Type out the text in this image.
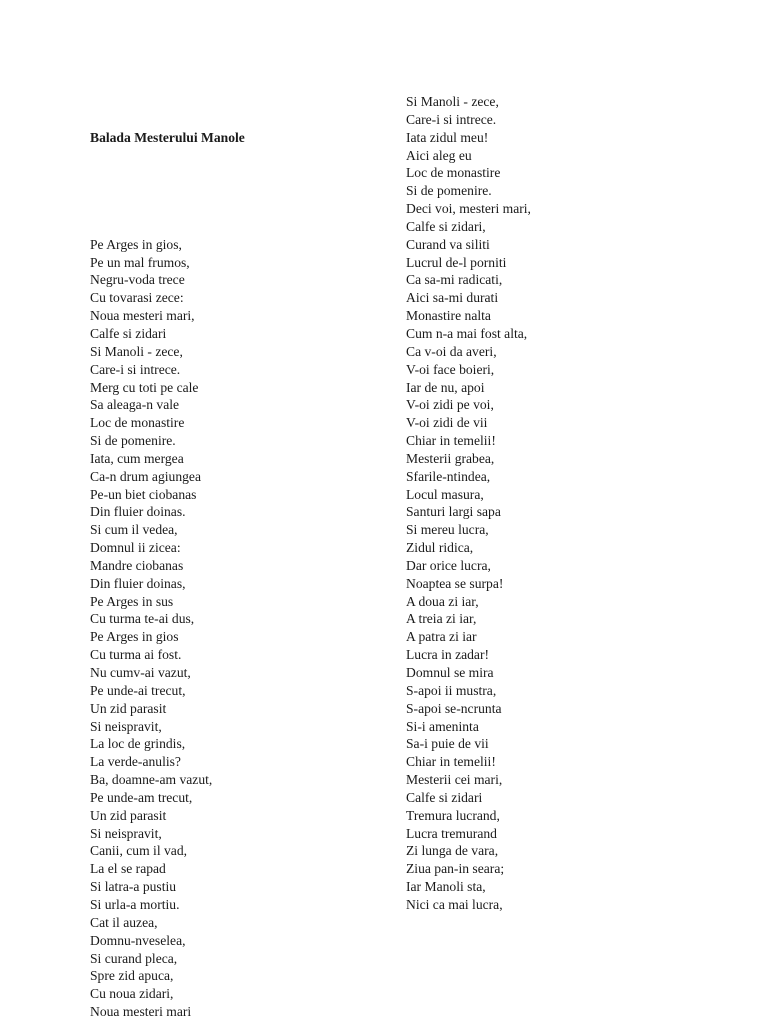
Balada Mesterului Manole

Pe Arges in gios,
Pe un mal frumos,
Negru-voda trece
Cu tovarasi zece:
Noua mesteri mari,
Calfe si zidari
Si Manoli - zece,
Care-i si intrece.
Merg cu toti pe cale
Sa aleaga-n vale
Loc de monastire
Si de pomenire.
Iata, cum mergea
Ca-n drum agiungea
Pe-un biet ciobanas
Din fluier doinas.
Si cum il vedea,
Domnul ii zicea:
Mandre ciobanas
Din fluier doinas,
Pe Arges in sus
Cu turma te-ai dus,
Pe Arges in gios
Cu turma ai fost.
Nu cumv-ai vazut,
Pe unde-ai trecut,
Un zid parasit
Si neispravit,
La loc de grindis,
La verde-anulis?
Ba, doamne-am vazut,
Pe unde-am trecut,
Un zid parasit
Si neispravit,
Canii, cum il vad,
La el se rapad
Si latra-a pustiu
Si urla-a mortiu.
Cat il auzea,
Domnu-nveselea,
Si curand pleca,
Spre zid apuca,
Cu noua zidari,
Noua mesteri mari
Si Manoli - zece,
Care-i si intrece.
Iata zidul meu!
Aici aleg eu
Loc de monastire
Si de pomenire.
Deci voi, mesteri mari,
Calfe si zidari,
Curand va siliti
Lucrul de-l porniti
Ca sa-mi radicati,
Aici sa-mi durati
Monastire nalta
Cum n-a mai fost alta,
Ca v-oi da averi,
V-oi face boieri,
Iar de nu, apoi
V-oi zidi pe voi,
V-oi zidi de vii
Chiar in temelii!
Mesterii grabea,
Sfarile-ntindea,
Locul masura,
Santuri largi sapa
Si mereu lucra,
Zidul ridica,
Dar orice lucra,
Noaptea se surpa!
A doua zi iar,
A treia zi iar,
A patra zi iar
Lucra in zadar!
Domnul se mira
S-apoi ii mustra,
S-apoi se-ncrunta
Si-i ameninta
Sa-i puie de vii
Chiar in temelii!
Mesterii cei mari,
Calfe si zidari
Tremura lucrand,
Lucra tremurand
Zi lunga de vara,
Ziua pan-in seara;
Iar Manoli sta,
Nici ca mai lucra,
